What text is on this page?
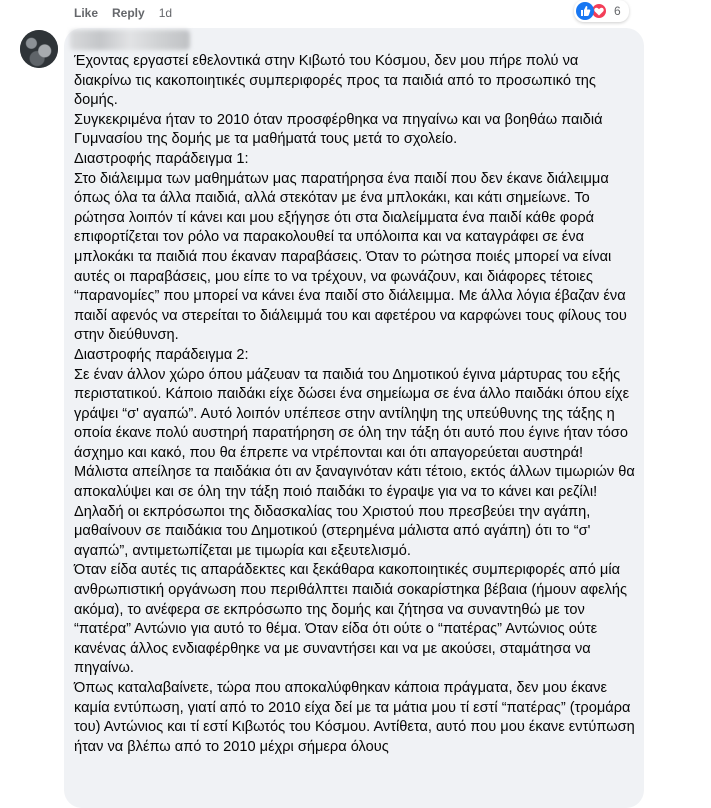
Like Reply 1d	6

Έχοντας εργαστεί εθελοντικά στην Κιβωτό του Κόσμου, δεν μου πήρε πολύ να διακρίνω τις κακοποιητικές συμπεριφορές προς τα παιδιά από το προσωπικό της δομής.

Συγκεκριμένα ήταν το 2010 όταν προσφέρθηκα να πηγαίνω και να βοηθάω παιδιά Γυμνασίου της δομής με τα μαθήματά τους μετά το σχολείο.

Διαστροφής παράδειγμα 1:

Στο διάλειμμα των μαθημάτων μας παρατήρησα ένα παιδί που δεν έκανε διάλειμμα όπως όλα τα άλλα παιδιά, αλλά στεκόταν με ένα μπλοκάκι, και κάτι σημείωνε. Το ρώτησα λοιπόν τί κάνει και μου εξήγησε ότι στα διαλείμματα ένα παιδί κάθε φορά επιφορτίζεται τον ρόλο να παρακολουθεί τα υπόλοιπα και να καταγράφει σε ένα μπλοκάκι τα παιδιά που έκαναν παραβάσεις. Όταν το ρώτησα ποιές μπορεί να είναι αυτές οι παραβάσεις, μου είπε το να τρέχουν, να φωνάζουν, και διάφορες τέτοιες “παρανομίες” που μπορεί να κάνει ένα παιδί στο διάλειμμα. Με άλλα λόγια έβαζαν ένα παιδί αφενός να στερείται το διάλειμμά του και αφετέρου να καρφώνει τους φίλους του στην διεύθυνση.

Διαστροφής παράδειγμα 2:

Σε έναν άλλον χώρο όπου μάζευαν τα παιδιά του Δημοτικού έγινα μάρτυρας του εξής περιστατικού. Κάποιο παιδάκι είχε δώσει ένα σημείωμα σε ένα άλλο παιδάκι όπου είχε γράψει “σ' αγαπώ”. Αυτό λοιπόν υπέπεσε στην αντίληψη της υπεύθυνης της τάξης η οποία έκανε πολύ αυστηρή παρατήρηση σε όλη την τάξη ότι αυτό που έγινε ήταν τόσο άσχημο και κακό, που θα έπρεπε να ντρέπονται και ότι απαγορεύεται αυστηρά! Μάλιστα απείλησε τα παιδάκια ότι αν ξαναγινόταν κάτι τέτοιο, εκτός άλλων τιμωριών θα αποκαλύψει και σε όλη την τάξη ποιό παιδάκι το έγραψε για να το κάνει και ρεζίλι! Δηλαδή οι εκπρόσωποι της διδασκαλίας του Χριστού που πρεσβεύει την αγάπη, μαθαίνουν σε παιδάκια του Δημοτικού (στερημένα μάλιστα από αγάπη) ότι το “σ' αγαπώ”, αντιμετωπίζεται με τιμωρία και εξευτελισμό.

Όταν είδα αυτές τις απαράδεκτες και ξεκάθαρα κακοποιητικές συμπεριφορές από μία ανθρωπιστική οργάνωση που περιθάλπτει παιδιά σοκαρίστηκα βέβαια (ήμουν αφελής ακόμα), το ανέφερα σε εκπρόσωπο της δομής και ζήτησα να συναντηθώ με τον “πατέρα” Αντώνιο για αυτό το θέμα. Όταν είδα ότι ούτε ο “πατέρας” Αντώνιος ούτε κανένας άλλος ενδιαφέρθηκε να με συναντήσει και να με ακούσει, σταμάτησα να πηγαίνω.

Όπως καταλαβαίνετε, τώρα που αποκαλύφθηκαν κάποια πράγματα, δεν μου έκανε καμία εντύπωση, γιατί από το 2010 είχα δεί με τα μάτια μου τί εστί “πατέρας” (τρομάρα του) Αντώνιος και τί εστί Κιβωτός του Κόσμου. Αντίθετα, αυτό που μου έκανε εντύπωση ήταν να βλέπω από το 2010 μέχρι σήμερα όλους
